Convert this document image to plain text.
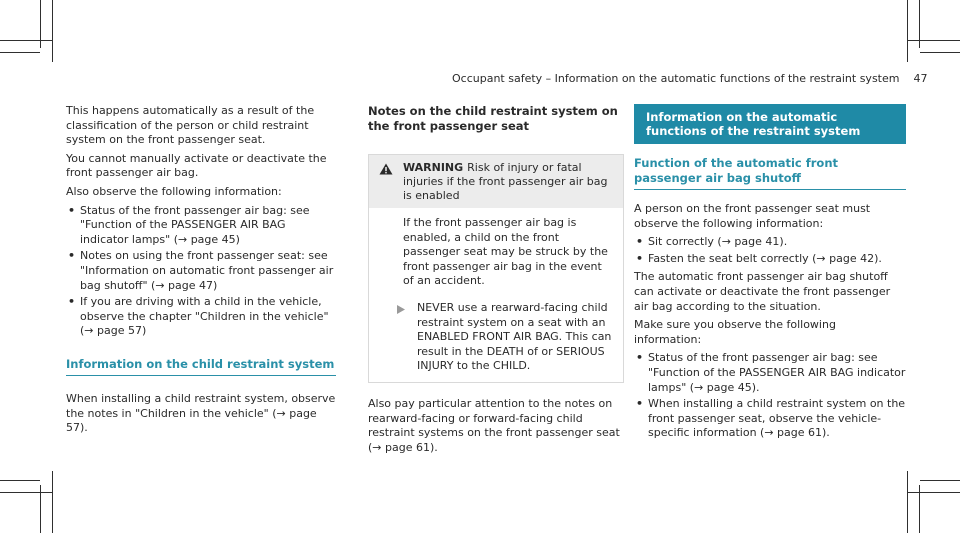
Occupant safety – Information on the automatic functions of the restraint system 47

This happens automatically as a result of the classification of the person or child restraint system on the front passenger seat.

You cannot manually activate or deactivate the front passenger air bag.

Also observe the following information:

• Status of the front passenger air bag: see "Function of the PASSENGER AIR BAG indicator lamps" (→ page 45)
• Notes on using the front passenger seat: see "Information on automatic front passenger air bag shutoff" (→ page 47)
• If you are driving with a child in the vehicle, observe the chapter "Children in the vehicle" (→ page 57)
Information on the child restraint system

When installing a child restraint system, observe the notes in "Children in the vehicle" (→ page 57).

Notes on the child restraint system on the front passenger seat
WARNING Risk of injury or fatal injuries if the front passenger air bag is enabled

If the front passenger air bag is enabled, a child on the front passenger seat may be struck by the front passenger air bag in the event of an accident.

NEVER use a rearward-facing child restraint system on a seat with an ENABLED FRONT AIR BAG. This can result in the DEATH of or SERIOUS INJURY to the CHILD.

Also pay particular attention to the notes on rearward-facing or forward-facing child restraint systems on the front passenger seat (→ page 61).

Information on the automatic functions of the restraint system
Function of the automatic front passenger air bag shutoff

A person on the front passenger seat must observe the following information:

• Sit correctly (→ page 41).
• Fasten the seat belt correctly (→ page 42).

The automatic front passenger air bag shutoff can activate or deactivate the front passenger air bag according to the situation.

Make sure you observe the following information:

• Status of the front passenger air bag: see "Function of the PASSENGER AIR BAG indicator lamps" (→ page 45).
• When installing a child restraint system on the front passenger seat, observe the vehicle-specific information (→ page 61).
